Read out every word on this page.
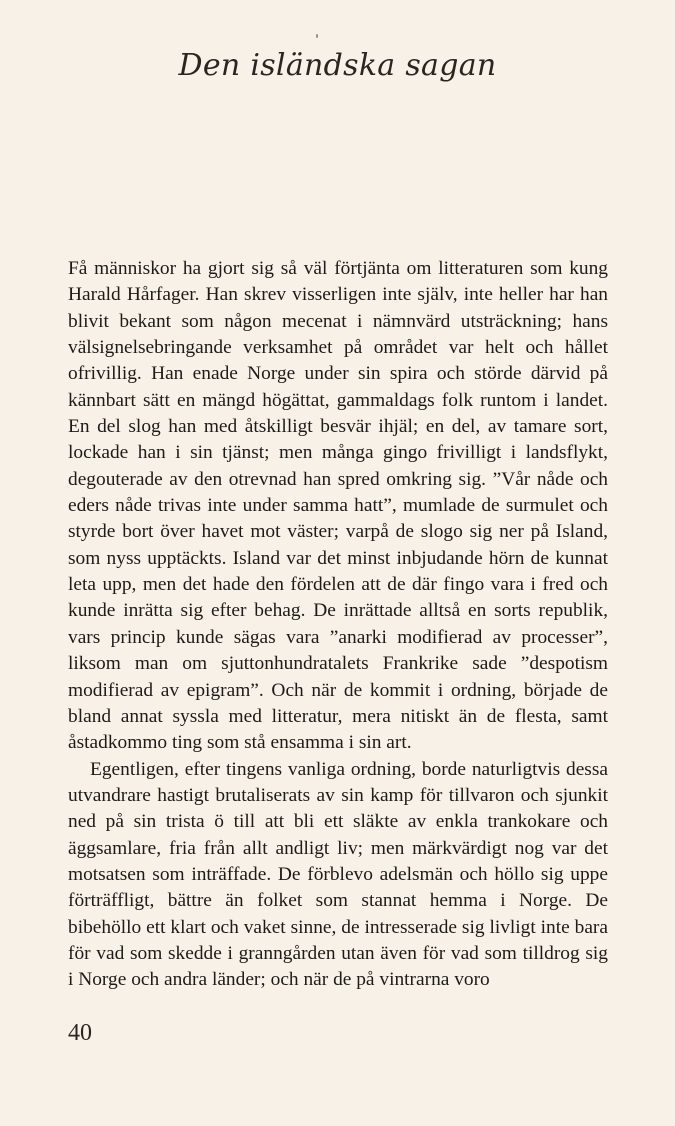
Den isländska sagan

Få människor ha gjort sig så väl förtjänta om litteraturen som kung Harald Hårfager. Han skrev visserligen inte själv, inte heller har han blivit bekant som någon mecenat i nämnvärd utsträckning; hans välsignelsebringande verksamhet på området var helt och hållet ofrivillig. Han enade Norge under sin spira och störde därvid på kännbart sätt en mängd högättat, gammaldags folk runtom i landet. En del slog han med åtskilligt besvär ihjäl; en del, av tamare sort, lockade han i sin tjänst; men många gingo frivilligt i landsflykt, degouterade av den otrevnad han spred omkring sig. ”Vår nåde och eders nåde trivas inte under samma hatt”, mumlade de surmulet och styrde bort över havet mot väster; varpå de slogo sig ner på Island, som nyss upptäckts. Island var det minst inbjudande hörn de kunnat leta upp, men det hade den fördelen att de där fingo vara i fred och kunde inrätta sig efter behag. De inrättade alltså en sorts republik, vars princip kunde sägas vara ”anarki modifierad av processer”, liksom man om sjuttonhundratalets Frankrike sade ”despotism modifierad av epigram”. Och när de kommit i ordning, började de bland annat syssla med litteratur, mera nitiskt än de flesta, samt åstadkommo ting som stå ensamma i sin art.

Egentligen, efter tingens vanliga ordning, borde naturligtvis dessa utvandrare hastigt brutaliserats av sin kamp för tillvaron och sjunkit ned på sin trista ö till att bli ett släkte av enkla trankokare och äggsamlare, fria från allt andligt liv; men märkvärdigt nog var det motsatsen som inträffade. De förblevo adelsmän och höllo sig uppe förträffligt, bättre än folket som stannat hemma i Norge. De bibehöllo ett klart och vaket sinne, de intresserade sig livligt inte bara för vad som skedde i granngården utan även för vad som tilldrog sig i Norge och andra länder; och när de på vintrarna voro

40
